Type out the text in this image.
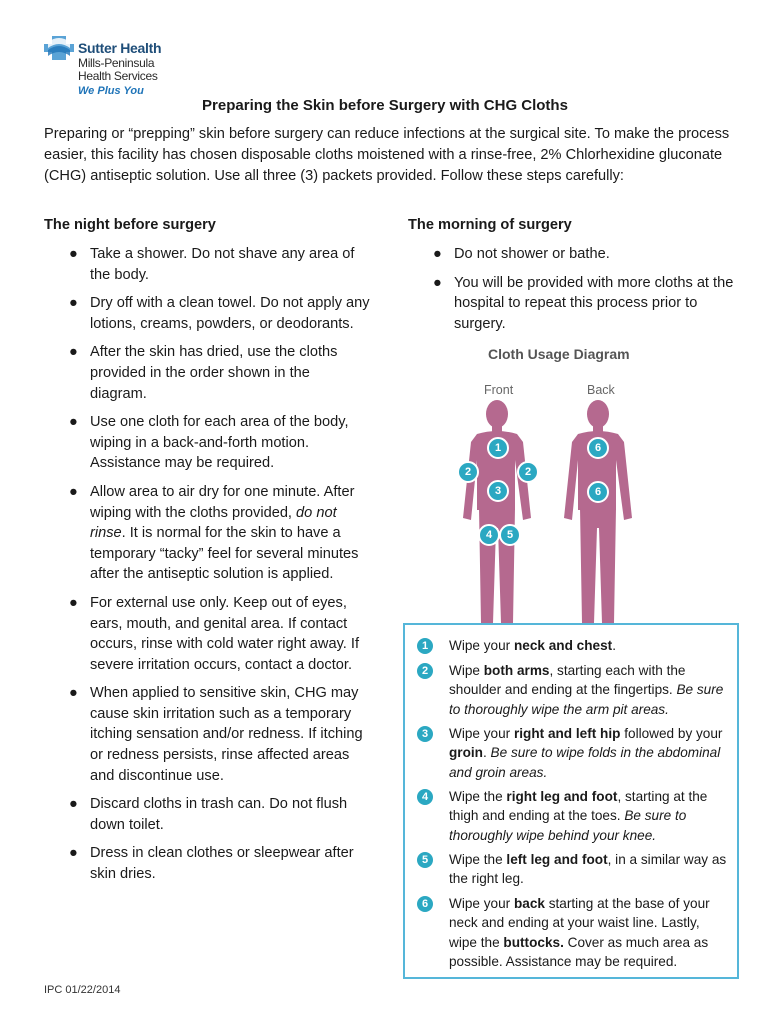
Sutter Health
Mills-Peninsula
Health Services
We Plus You
Preparing the Skin before Surgery with CHG Cloths
Preparing or “prepping” skin before surgery can reduce infections at the surgical site. To make the process easier, this facility has chosen disposable cloths moistened with a rinse-free, 2% Chlorhexidine gluconate (CHG) antiseptic solution. Use all three (3) packets provided. Follow these steps carefully:
The night before surgery
● Take a shower. Do not shave any area of the body.
● Dry off with a clean towel. Do not apply any lotions, creams, powders, or deodorants.
● After the skin has dried, use the cloths provided in the order shown in the diagram.
● Use one cloth for each area of the body, wiping in a back-and-forth motion. Assistance may be required.
● Allow area to air dry for one minute. After wiping with the cloths provided, do not rinse. It is normal for the skin to have a temporary “tacky” feel for several minutes after the antiseptic solution is applied.
● For external use only. Keep out of eyes, ears, mouth, and genital area. If contact occurs, rinse with cold water right away. If severe irritation occurs, contact a doctor.
● When applied to sensitive skin, CHG may cause skin irritation such as a temporary itching sensation and/or redness. If itching or redness persists, rinse affected areas and discontinue use.
● Discard cloths in trash can. Do not flush down toilet.
● Dress in clean clothes or sleepwear after skin dries.
The morning of surgery
● Do not shower or bathe.
● You will be provided with more cloths at the hospital to repeat this process prior to surgery.
Cloth Usage Diagram
Front	Back
1
2	2
3
4	5
6
6
1	Wipe your neck and chest.
2	Wipe both arms, starting each with the shoulder and ending at the fingertips. Be sure to thoroughly wipe the arm pit areas.
3	Wipe your right and left hip followed by your groin. Be sure to wipe folds in the abdominal and groin areas.
4	Wipe the right leg and foot, starting at the thigh and ending at the toes. Be sure to thoroughly wipe behind your knee.
5	Wipe the left leg and foot, in a similar way as the right leg.
6	Wipe your back starting at the base of your neck and ending at your waist line. Lastly, wipe the buttocks. Cover as much area as possible. Assistance may be required.
IPC 01/22/2014
